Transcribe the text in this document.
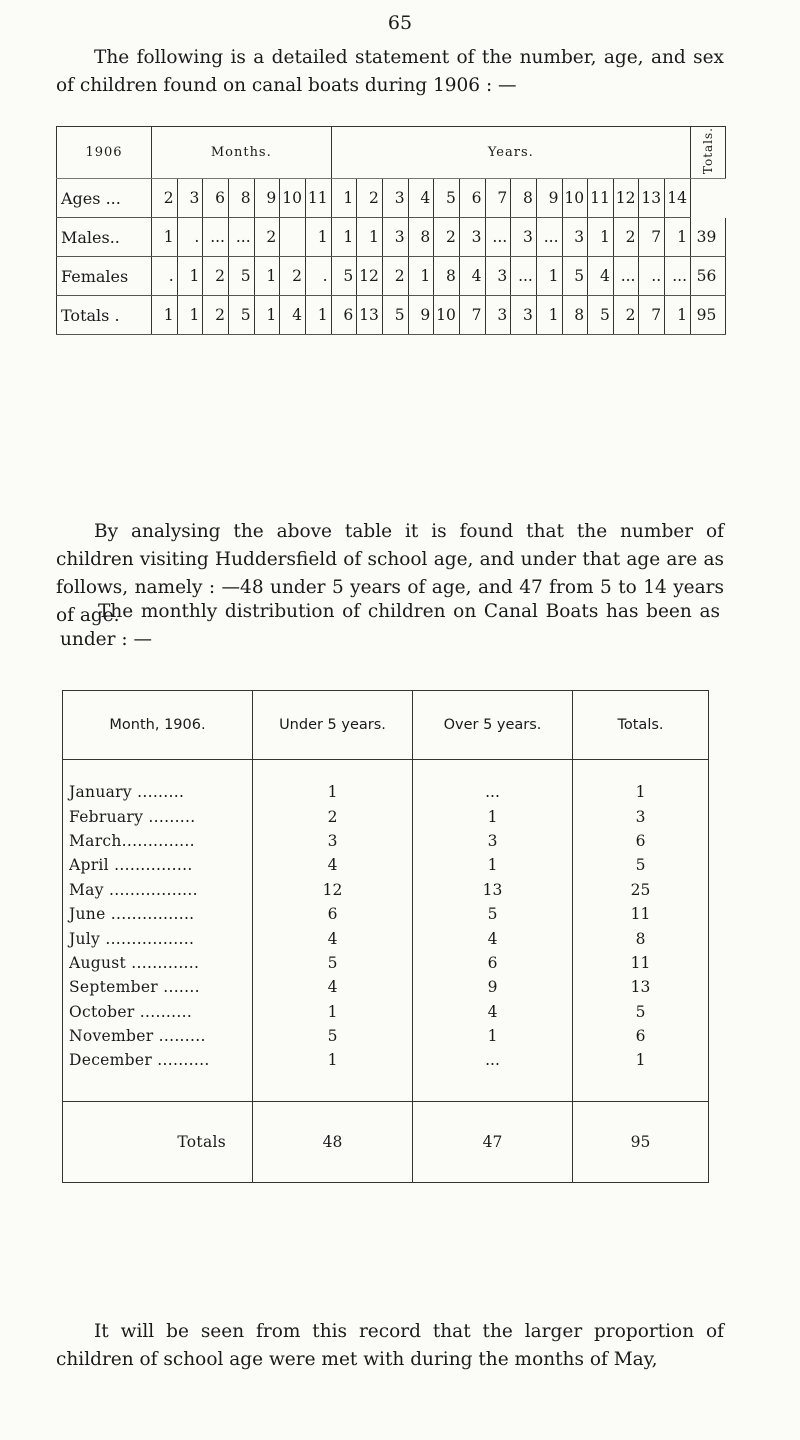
65
The following is a detailed statement of the number, age, and sex of children found on canal boats during 1906 : —
1906	Months.							Years.														Totals.
Ages ...	2	3	6	8	9	10	11	1	2	3	4	5	6	7	8	9	10	11	12	13	14	
Males..	1	.	...	...	2		1	1	1	3	8	2	3	...	3	...	3	1	2	7	1	39
Females	.	1	2	5	1	2	.	5	12	2	1	8	4	3	...	1	5	4	...	..	...	56
Totals .	1	1	2	5	1	4	1	6	13	5	9	10	7	3	3	1	8	5	2	7	1	95
By analysing the above table it is found that the number of children visiting Huddersfield of school age, and under that age are as follows, namely : —48 under 5 years of age, and 47 from 5 to 14 years of age.
The monthly distribution of children on Canal Boats has been as under : —
Month, 1906.	Under 5 years.	Over 5 years.	Totals.
January .........	1	...	1
February .........	2	1	3
March..............	3	3	6
April ...............	4	1	5
May .................	12	13	25
June ................	6	5	11
July .................	4	4	8
August .............	5	6	11
September .......	4	9	13
October ..........	1	4	5
November .........	5	1	6
December ..........	1	...	1
Totals	48	47	95
It will be seen from this record that the larger proportion of children of school age were met with during the months of May,
